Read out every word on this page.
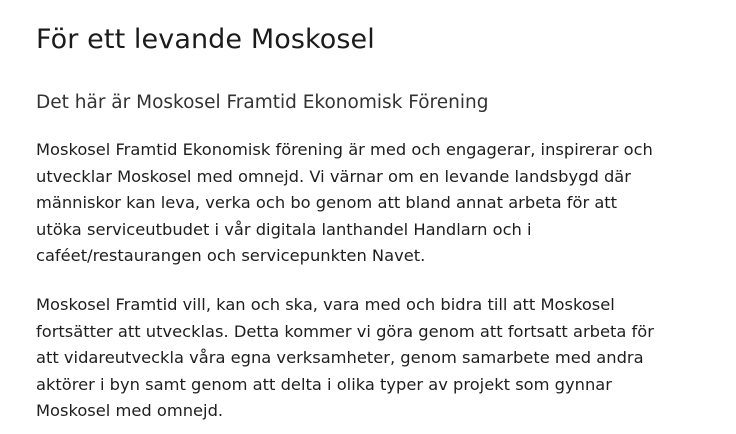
För ett levande Moskosel
Det här är Moskosel Framtid Ekonomisk Förening

Moskosel Framtid Ekonomisk förening är med och engagerar, inspirerar och
utvecklar Moskosel med omnejd. Vi värnar om en levande landsbygd där
människor kan leva, verka och bo genom att bland annat arbeta för att
utöka serviceutbudet i vår digitala lanthandel Handlarn och i
caféet/restaurangen och servicepunkten Navet.

Moskosel Framtid vill, kan och ska, vara med och bidra till att Moskosel
fortsätter att utvecklas. Detta kommer vi göra genom att fortsatt arbeta för
att vidareutveckla våra egna verksamheter, genom samarbete med andra
aktörer i byn samt genom att delta i olika typer av projekt som gynnar
Moskosel med omnejd.
